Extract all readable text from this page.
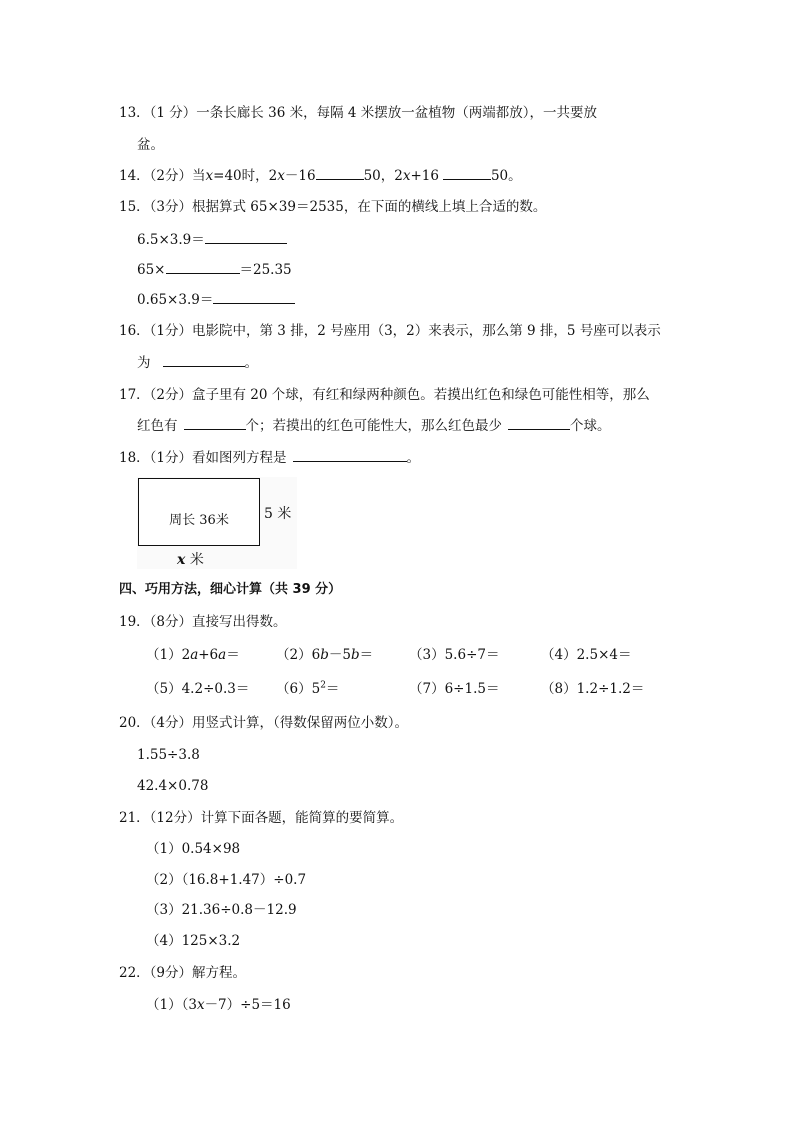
13．（1 分）一条长廊长 36 米，每隔 4 米摆放一盆植物（两端都放），一共要放
盆。
14．（2分）当x=40时，2x－16	50，2x+16	50。
15．（3分）根据算式 65×39＝2535，在下面的横线上填上合适的数。
6.5×3.9＝
65×	＝25.35
0.65×3.9＝
16．（1分）电影院中，第 3 排，2 号座用（3，2）来表示，那么第 9 排，5 号座可以表示
为	。
17．（2分）盒子里有 20 个球，有红和绿两种颜色。若摸出红色和绿色可能性相等，那么
红色有	个；若摸出的红色可能性大，那么红色最少	个球。
18．（1分）看如图列方程是	。
周长 36米	5 米
x 米
四、巧用方法，细心计算（共 39 分）
19．（8分）直接写出得数。
（1）2a+6a＝	（2）6b－5b＝	（3）5.6÷7＝	（4）2.5×4＝
$(5)4.2\div 0.3= (6)5^2=$	（7）6÷1.5＝	（8）1.2÷1.2＝
20．（4分）用竖式计算，（得数保留两位小数）。
1.55÷3.8
42.4×0.78
21．（12分）计算下面各题，能简算的要简算。
（1）0.54×98
（2）（16.8+1.47）÷0.7
（3）21.36÷0.8－12.9
（4）125×3.2
22．（9分）解方程。
（1）（3x－7）÷5＝16
